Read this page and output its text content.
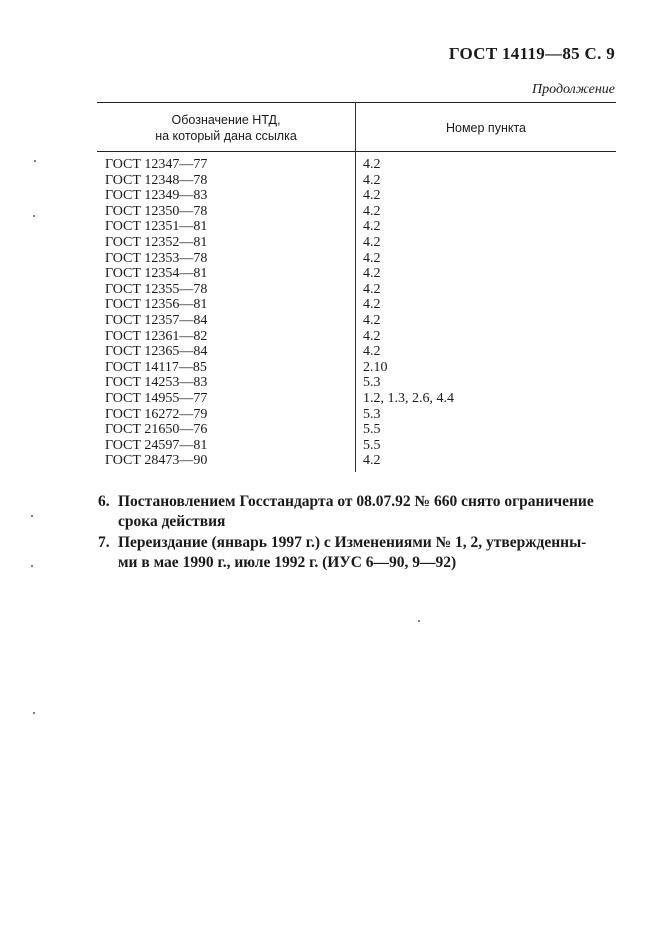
ГОСТ 14119—85 С. 9
Продолжение
Обозначение НТД,
на который дана ссылка
Номер пункта
ГОСТ 12347—77	4.2
ГОСТ 12348—78	4.2
ГОСТ 12349—83	4.2
ГОСТ 12350—78	4.2
ГОСТ 12351—81	4.2
ГОСТ 12352—81	4.2
ГОСТ 12353—78	4.2
ГОСТ 12354—81	4.2
ГОСТ 12355—78	4.2
ГОСТ 12356—81	4.2
ГОСТ 12357—84	4.2
ГОСТ 12361—82	4.2
ГОСТ 12365—84	4.2
ГОСТ 14117—85	2.10
ГОСТ 14253—83	5.3
ГОСТ 14955—77	1.2, 1.3, 2.6, 4.4
ГОСТ 16272—79	5.3
ГОСТ 21650—76	5.5
ГОСТ 24597—81	5.5
ГОСТ 28473—90	4.2
6. Постановлением Госстандарта от 08.07.92 № 660 снято ограничение
срока действия
7. Переиздание (январь 1997 г.) с Изменениями № 1, 2, утвержденны-
ми в мае 1990 г., июле 1992 г. (ИУС 6—90, 9—92)
